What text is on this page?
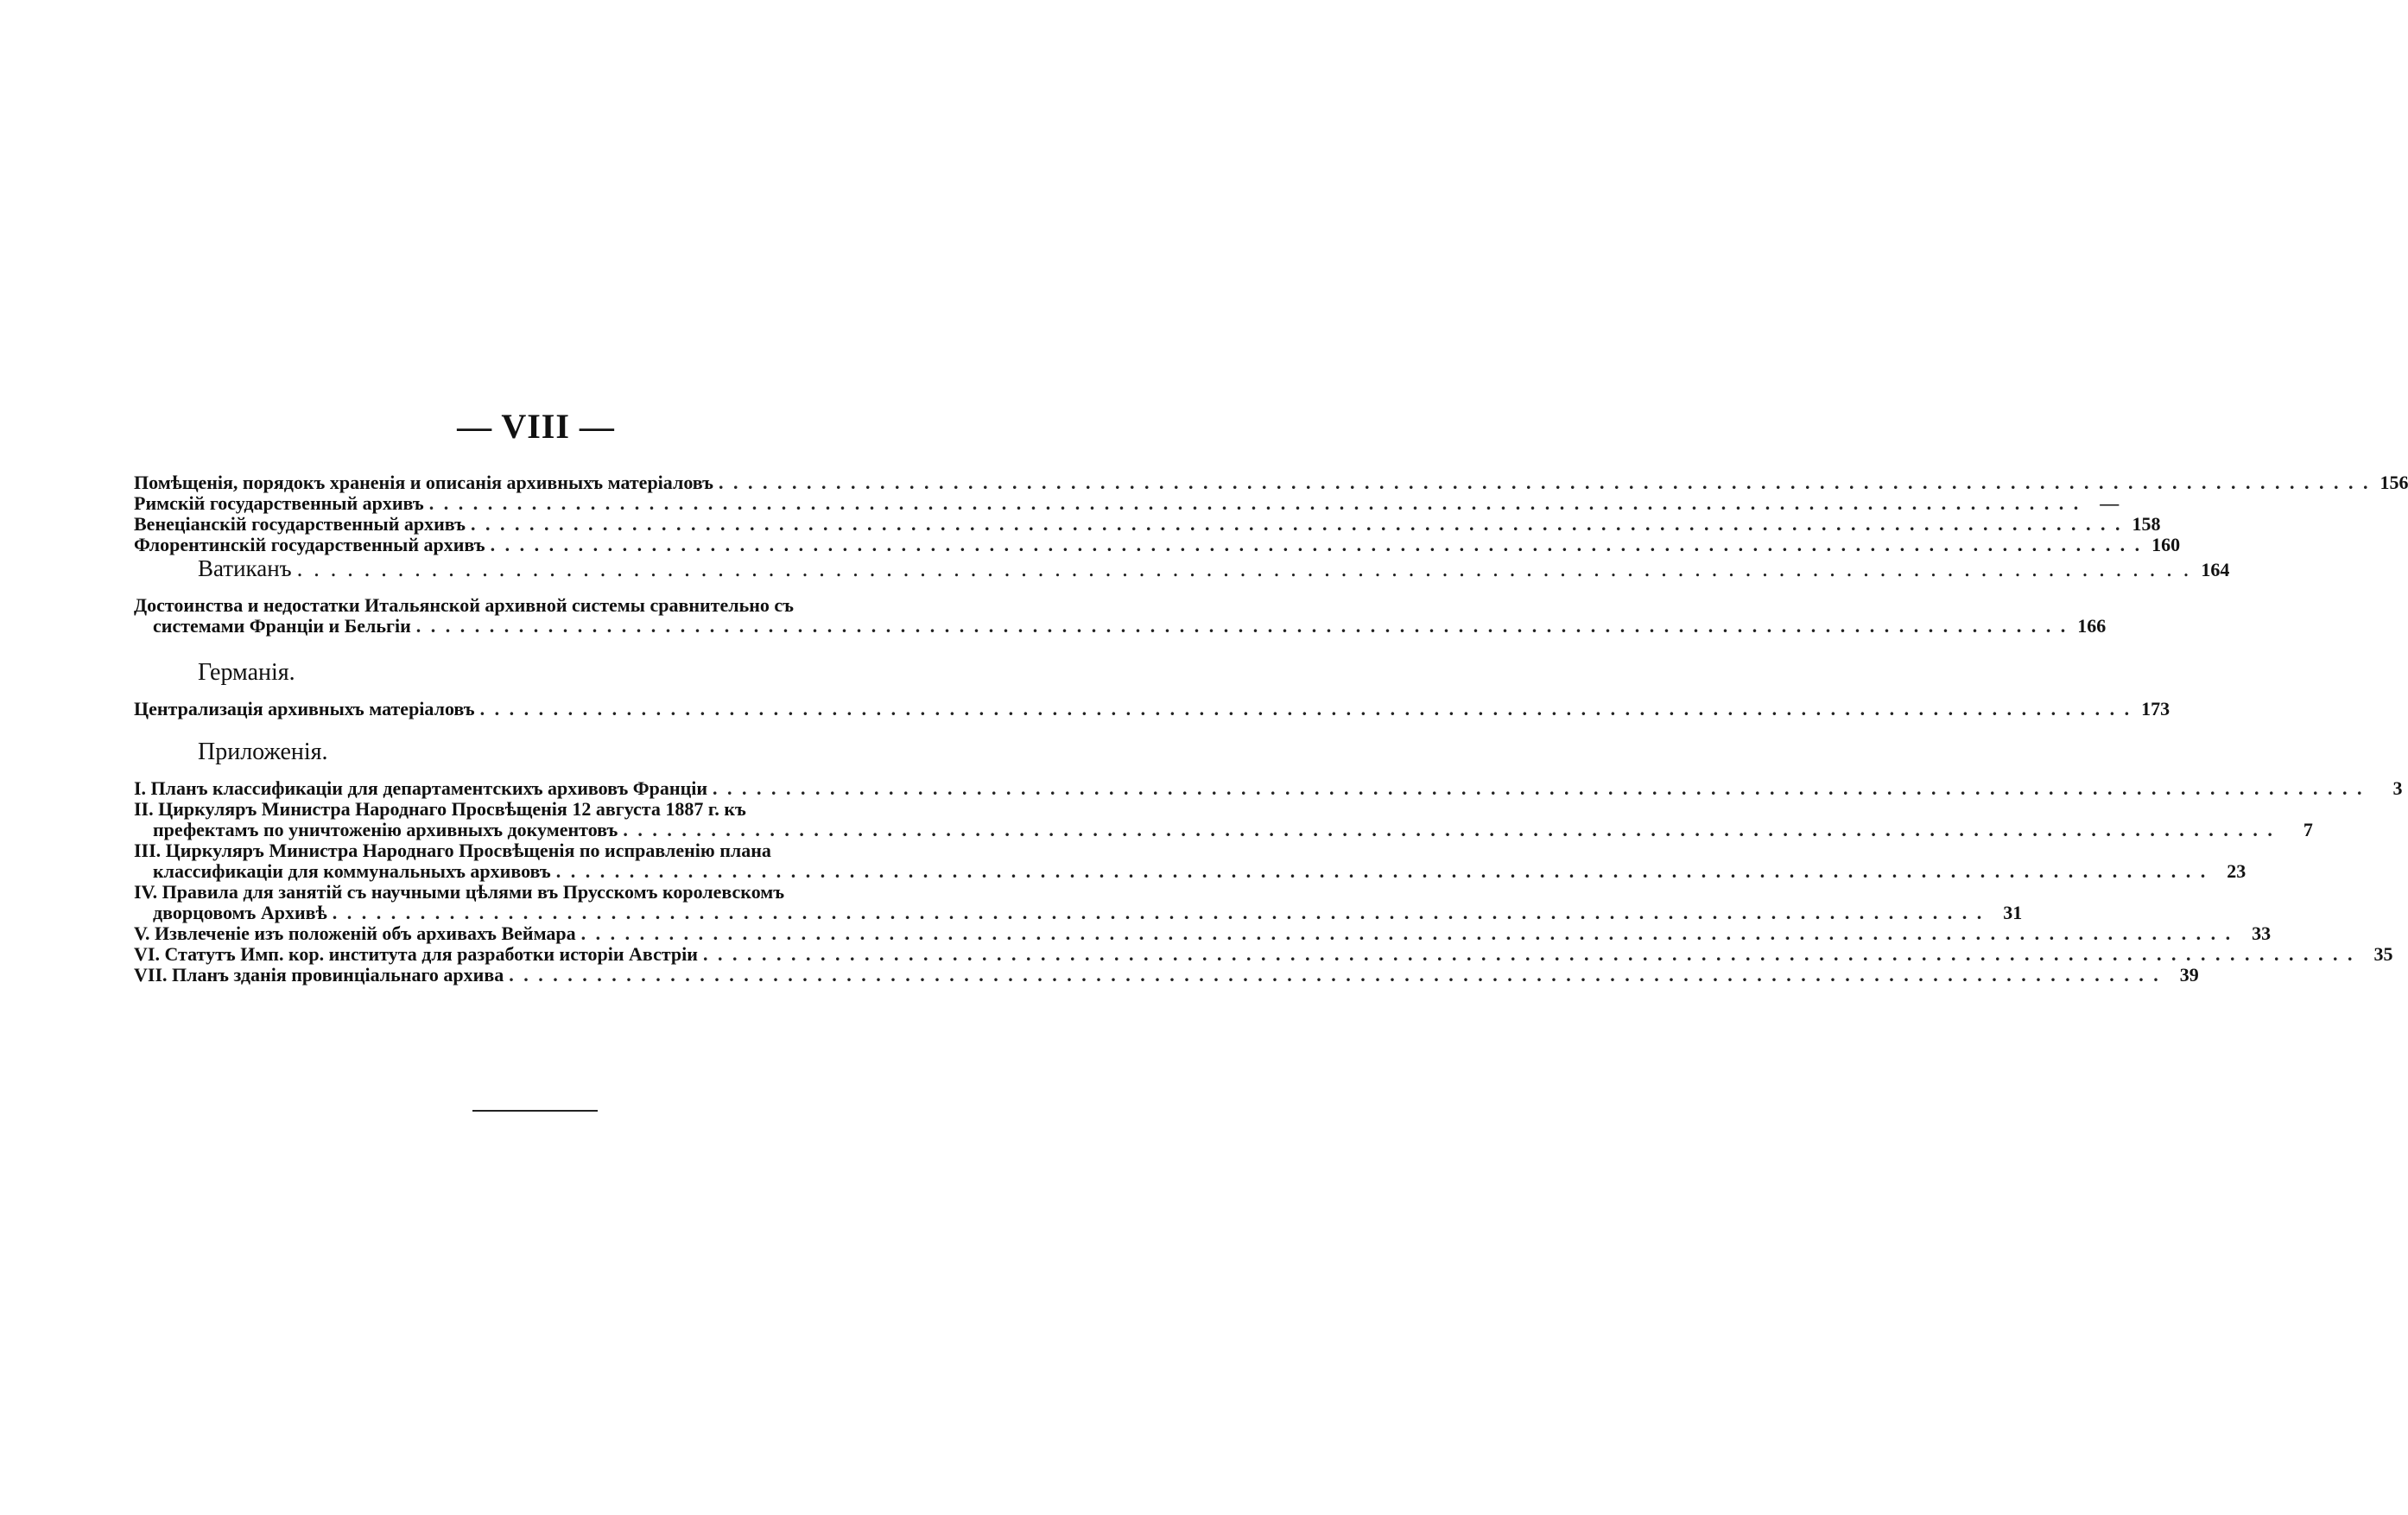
— VIII —
Помѣщенія, порядокъ храненія и описанія архивныхъ матеріаловъ . . .	156
Римскій государственный архивъ . . .	—
Венеціанскій государственный архивъ . . .	158
Флорентинскій государственный архивъ . . .	160
Ватиканъ . . .	164
Достоинства и недостатки Итальянской архивной системы сравнительно съ
системами Франціи и Бельгіи . . .	166
Германія.
Централизація архивныхъ матеріаловъ . . .	173
Приложенія.
I. Планъ классификаціи для департаментскихъ архивовъ Франціи . . .	3
II. Циркуляръ Министра Народнаго Просвѣщенія 12 августа 1887 г. къ
префектамъ по уничтоженію архивныхъ документовъ . . .	7
III. Циркуляръ Министра Народнаго Просвѣщенія по исправленію плана
классификаціи для коммунальныхъ архивовъ . . .	23
IV. Правила для занятій съ научными цѣлями въ Прусскомъ королевскомъ
дворцовомъ Архивѣ . . .	31
V. Извлеченіе изъ положеній объ архивахъ Веймара . . .	33
VI. Статутъ Имп. кор. института для разработки исторіи Австріи . . .	35
VII. Планъ зданія провинціальнаго архива . . .	39
